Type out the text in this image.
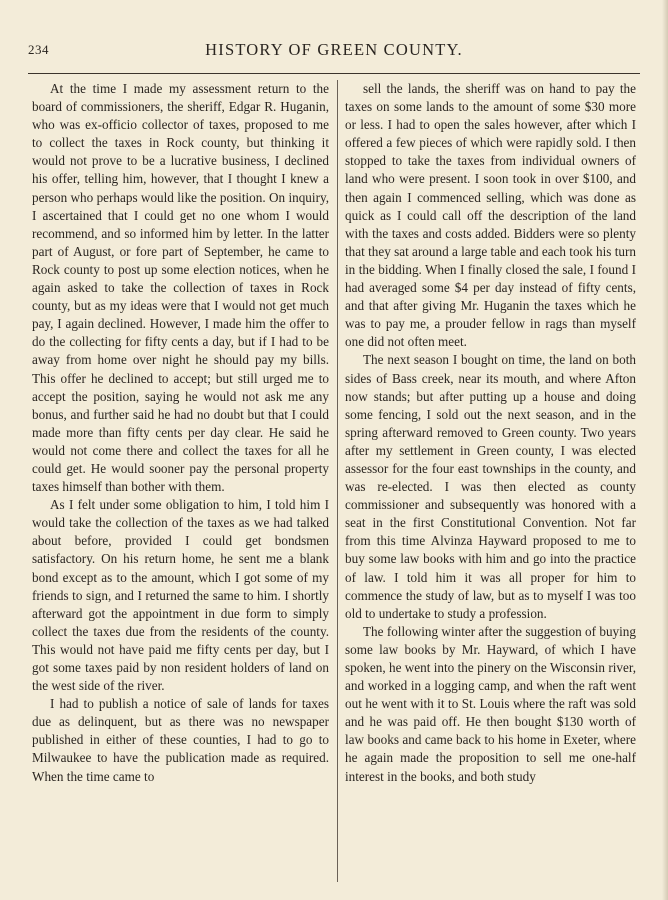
234	HISTORY OF GREEN COUNTY.

At the time I made my assessment return to the board of commissioners, the sheriff, Edgar R. Huganin, who was ex-officio collector of taxes, proposed to me to collect the taxes in Rock county, but thinking it would not prove to be a lucrative business, I declined his offer, telling him, however, that I thought I knew a person who perhaps would like the position. On inquiry, I ascertained that I could get no one whom I would recommend, and so informed him by letter. In the latter part of August, or fore part of September, he came to Rock county to post up some election notices, when he again asked to take the collection of taxes in Rock county, but as my ideas were that I would not get much pay, I again declined. However, I made him the offer to do the collecting for fifty cents a day, but if I had to be away from home over night he should pay my bills. This offer he declined to accept; but still urged me to accept the position, saying he would not ask me any bonus, and further said he had no doubt but that I could made more than fifty cents per day clear. He said he would not come there and collect the taxes for all he could get. He would sooner pay the personal property taxes himself than bother with them.

As I felt under some obligation to him, I told him I would take the collection of the taxes as we had talked about before, provided I could get bondsmen satisfactory. On his return home, he sent me a blank bond except as to the amount, which I got some of my friends to sign, and I returned the same to him. I shortly afterward got the appointment in due form to simply collect the taxes due from the residents of the county. This would not have paid me fifty cents per day, but I got some taxes paid by non resident holders of land on the west side of the river.

I had to publish a notice of sale of lands for taxes due as delinquent, but as there was no newspaper published in either of these counties, I had to go to Milwaukee to have the publication made as required. When the time came to

sell the lands, the sheriff was on hand to pay the taxes on some lands to the amount of some $30 more or less. I had to open the sales however, after which I offered a few pieces of which were rapidly sold. I then stopped to take the taxes from individual owners of land who were present. I soon took in over $100, and then again I commenced selling, which was done as quick as I could call off the description of the land with the taxes and costs added. Bidders were so plenty that they sat around a large table and each took his turn in the bidding. When I finally closed the sale, I found I had averaged some $4 per day instead of fifty cents, and that after giving Mr. Huganin the taxes which he was to pay me, a prouder fellow in rags than myself one did not often meet.

The next season I bought on time, the land on both sides of Bass creek, near its mouth, and where Afton now stands; but after putting up a house and doing some fencing, I sold out the next season, and in the spring afterward removed to Green county. Two years after my settlement in Green county, I was elected assessor for the four east townships in the county, and was re-elected. I was then elected as county commissioner and subsequently was honored with a seat in the first Constitutional Convention. Not far from this time Alvinza Hayward proposed to me to buy some law books with him and go into the practice of law. I told him it was all proper for him to commence the study of law, but as to myself I was too old to undertake to study a profession.

The following winter after the suggestion of buying some law books by Mr. Hayward, of which I have spoken, he went into the pinery on the Wisconsin river, and worked in a logging camp, and when the raft went out he went with it to St. Louis where the raft was sold and he was paid off. He then bought $130 worth of law books and came back to his home in Exeter, where he again made the proposition to sell me one-half interest in the books, and both study
